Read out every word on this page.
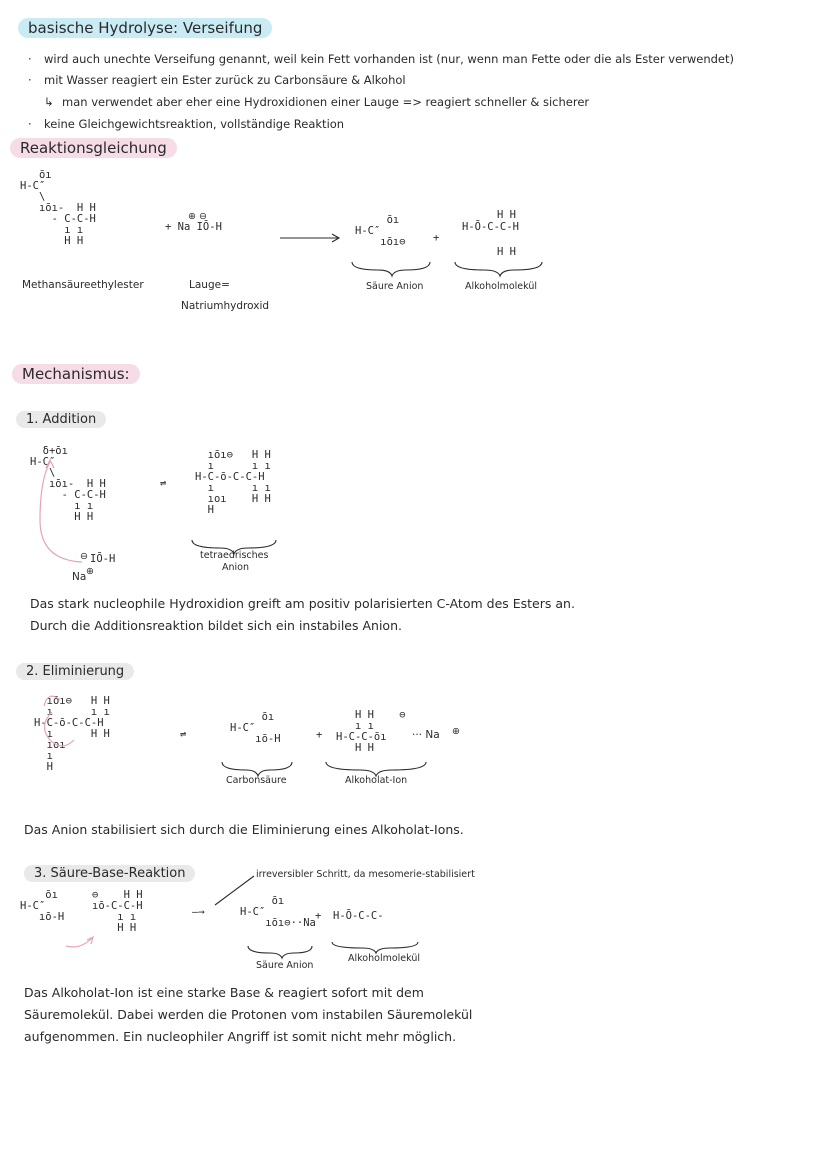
basische Hydrolyse: Verseifung
· wird auch unechte Verseifung genannt, weil kein Fett vorhanden ist (nur, wenn man Fette oder die als Ester verwendet)
· mit Wasser reagiert ein Ester zurück zu Carbonsäure & Alkohol
↳ man verwendet aber eher eine Hydroxidionen einer Lauge => reagiert schneller & sicherer
· keine Gleichgewichtsreaktion, vollständige Reaktion
Reaktionsgleichung
ōı
H-C″
\
ıōı-  H H
- C-C-H
ı ı
H H
+ Na IŌ-H
⊕ ⊖	ōı
H-C″
ıōı⊖	+
H-Ō-C-C-H
H H
H H
Methansäureethylester	Lauge=
Natriumhydroxid
Säure Anion	Alkoholmolekül
Mechanismus:
1. Addition
δ+ōı
H-C″
\
ıōı-  H H
- C-C-H
ı ı
H H
IŌ-H
⊖
Na ⊕
⇌
ıōı⊖   H H
ı      ı ı
H-C-ō-C-C-H
ı      ı ı
ıoı    H H
H
tetraedrisches
Anion
Das stark nucleophile Hydroxidion greift am positiv polarisierten C-Atom des Esters an.
Durch die Additionsreaktion bildet sich ein instabiles Anion.
2. Eliminierung
ıōı⊖   H H
ı      ı ı
H-C-ō-C-C-H
ı      H H
ıoı
ı
H
⇌
ōı
H-C″
ıō-H	+
H H    ⊖
ı ı
H-C-C-ōı
H H
··· Na ⊕
Carbonsäure	Alkoholat-Ion
Das Anion stabilisiert sich durch die Eliminierung eines Alkoholat-Ions.
3. Säure-Base-Reaktion	irreversibler Schritt, da mesomerie-stabilisiert
ōı
H-C″
ıō-H
⊖    H H
ıō-C-C-H
ı ı
H H
—→
ōı
H-C″
ıōı⊖··Na
+ H-Ō-C-C-
Säure Anion
Alkoholmolekül
Das Alkoholat-Ion ist eine starke Base & reagiert sofort mit dem
Säuremolekül. Dabei werden die Protonen vom instabilen Säuremolekül
aufgenommen. Ein nucleophiler Angriff ist somit nicht mehr möglich.
